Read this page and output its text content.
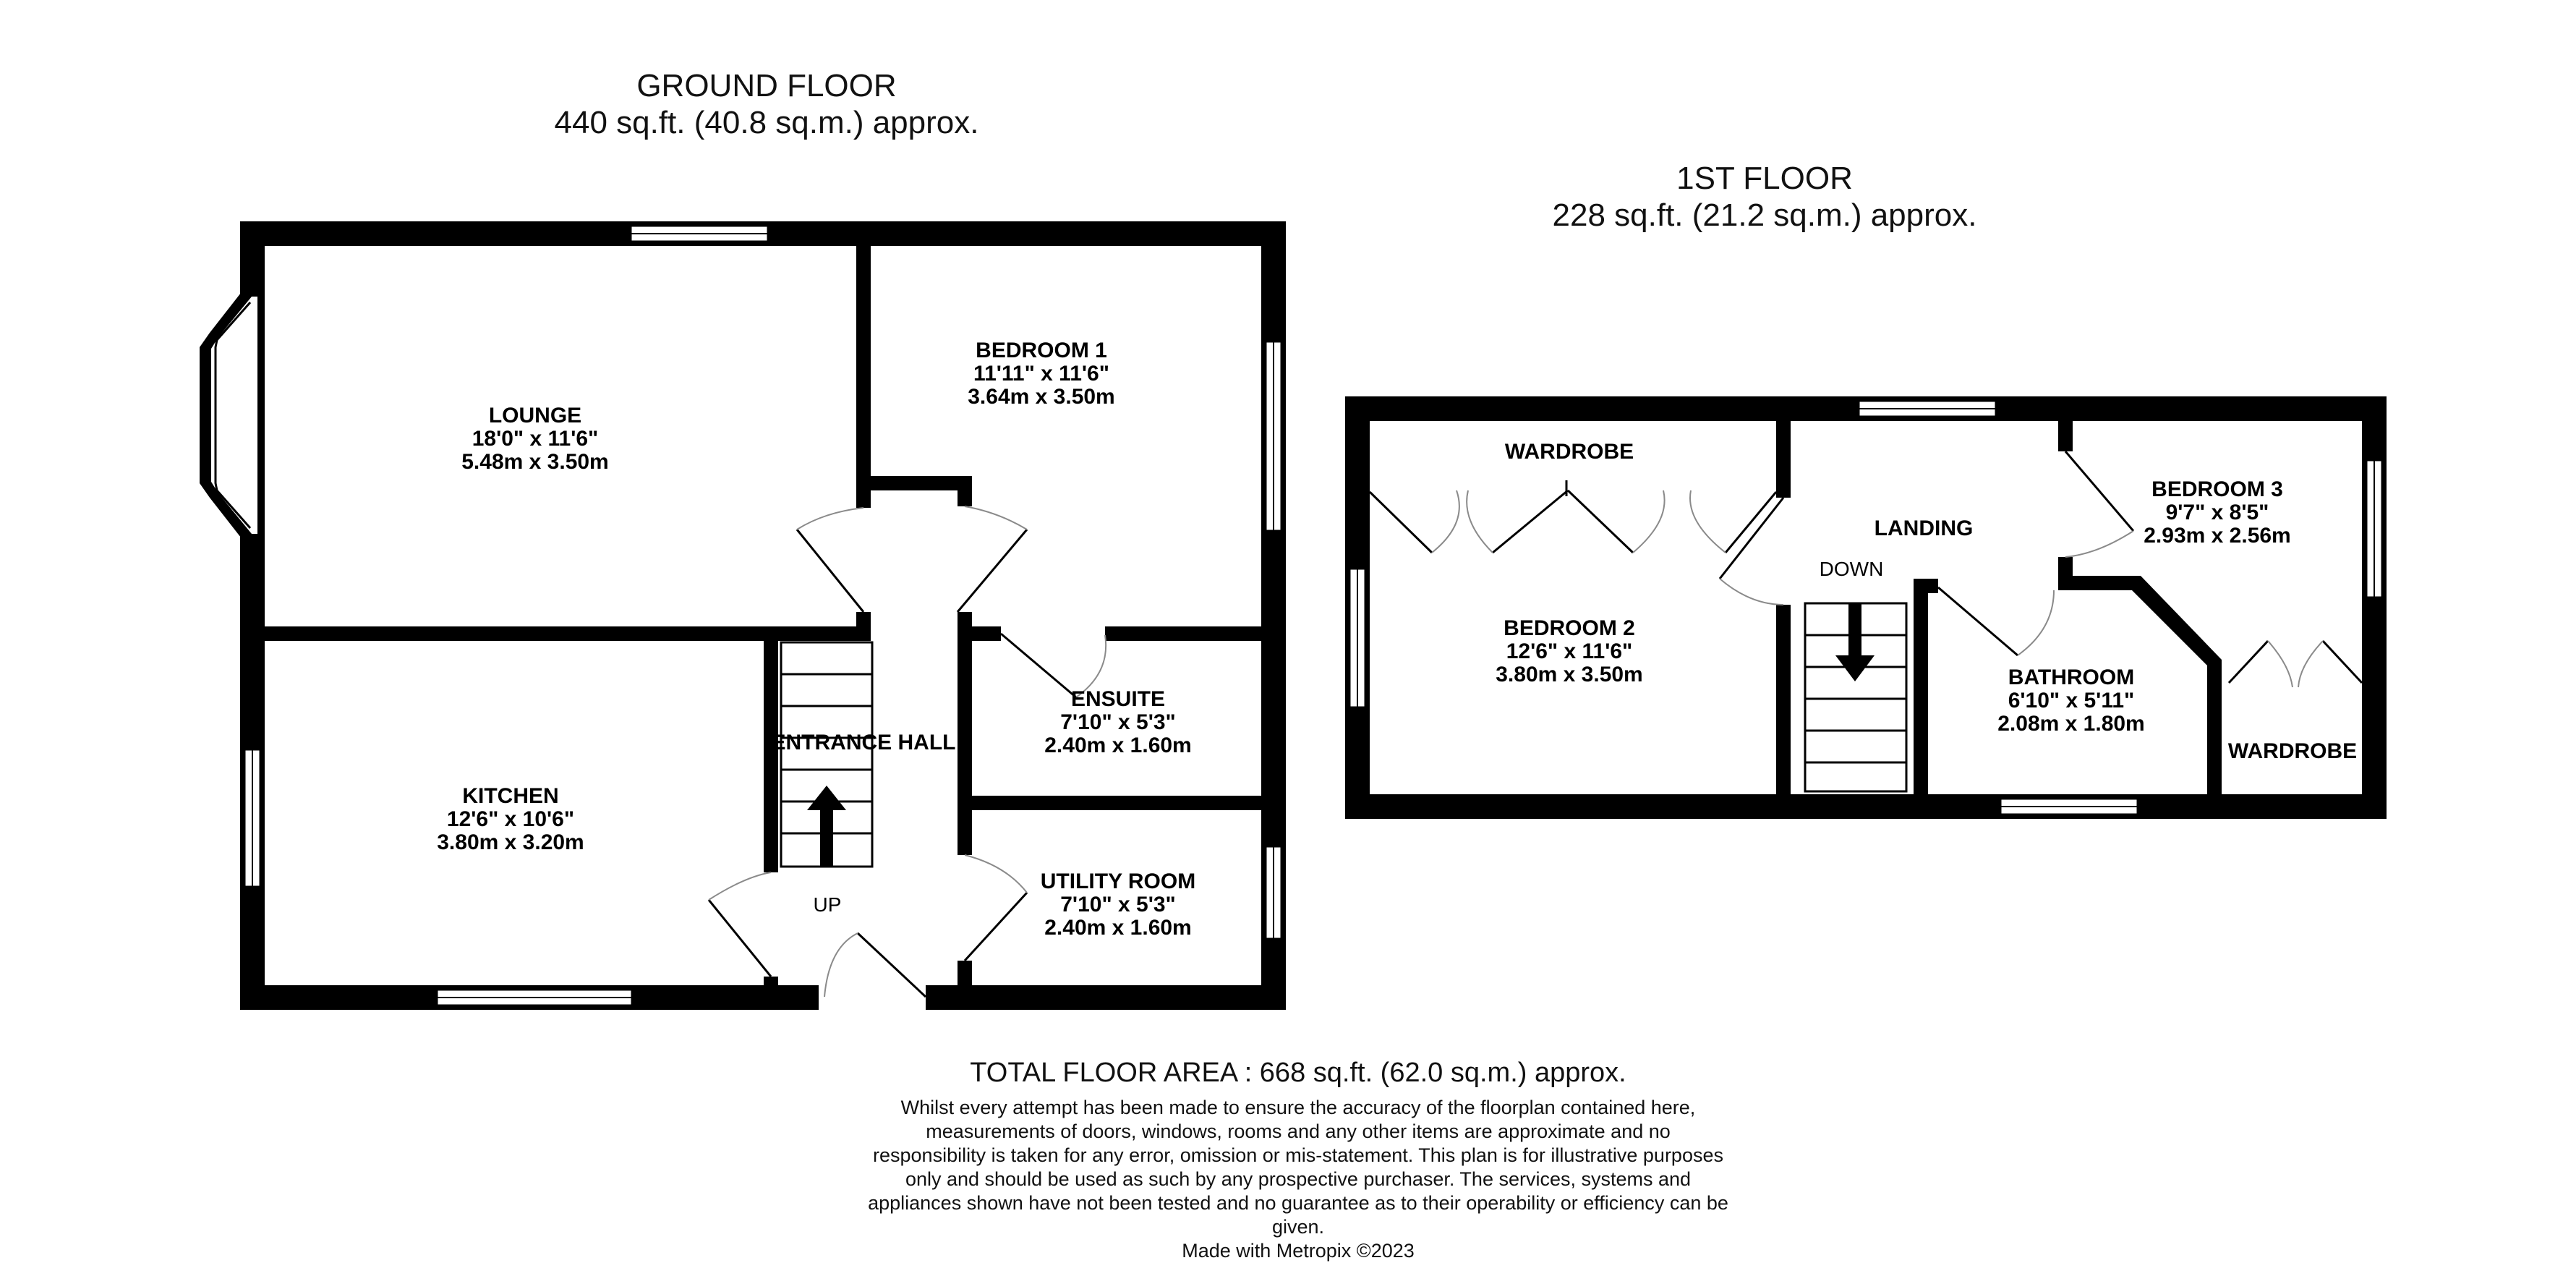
GROUND FLOOR
440 sq.ft. (40.8 sq.m.) approx.
1ST FLOOR
228 sq.ft. (21.2 sq.m.) approx.
LOUNGE
18'0" x 11'6"
5.48m x 3.50m
BEDROOM 1
11'11" x 11'6"
3.64m x 3.50m
KITCHEN
12'6" x 10'6"
3.80m x 3.20m
ENTRANCE HALL
ENSUITE
7'10" x 5'3"
2.40m x 1.60m
UTILITY ROOM
7'10" x 5'3"
2.40m x 1.60m
UP
BEDROOM 2
12'6" x 11'6"
3.80m x 3.50m
WARDROBE
LANDING
DOWN
BEDROOM 3
9'7" x 8'5"
2.93m x 2.56m
BATHROOM
6'10" x 5'11"
2.08m x 1.80m
WARDROBE
TOTAL FLOOR AREA : 668 sq.ft. (62.0 sq.m.) approx.
Whilst every attempt has been made to ensure the accuracy of the floorplan contained here, measurements of doors, windows, rooms and any other items are approximate and no responsibility is taken for any error, omission or mis-statement. This plan is for illustrative purposes only and should be used as such by any prospective purchaser. The services, systems and appliances shown have not been tested and no guarantee as to their operability or efficiency can be given.
Made with Metropix ©2023
